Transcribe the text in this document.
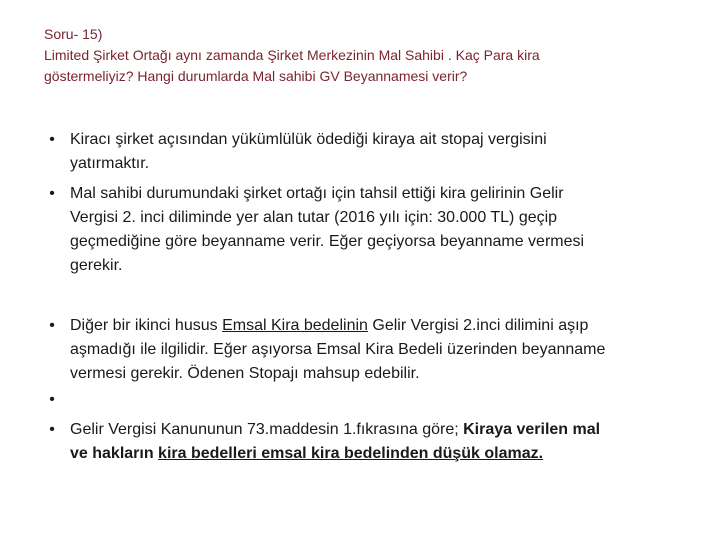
Soru- 15)
Limited Şirket Ortağı aynı zamanda Şirket Merkezinin Mal Sahibi . Kaç Para kira
göstermeliyiz? Hangi durumlarda Mal sahibi GV Beyannamesi verir?
• Kiracı şirket açısından yükümlülük ödediği kiraya ait stopaj vergisini
yatırmaktır.
• Mal sahibi durumundaki şirket ortağı için tahsil ettiği kira gelirinin Gelir
Vergisi 2. inci diliminde yer alan tutar (2016 yılı için: 30.000 TL) geçip
geçmediğine göre beyanname verir. Eğer geçiyorsa beyanname vermesi
gerekir.
• Diğer bir ikinci husus Emsal Kira bedelinin Gelir Vergisi 2.inci dilimini aşıp
aşmadığı ile ilgilidir. Eğer aşıyorsa Emsal Kira Bedeli üzerinden beyanname
vermesi gerekir. Ödenen Stopajı mahsup edebilir.
•
• Gelir Vergisi Kanununun 73.maddesin 1.fıkrasına göre; Kiraya verilen mal
ve hakların kira bedelleri emsal kira bedelinden düşük olamaz.
